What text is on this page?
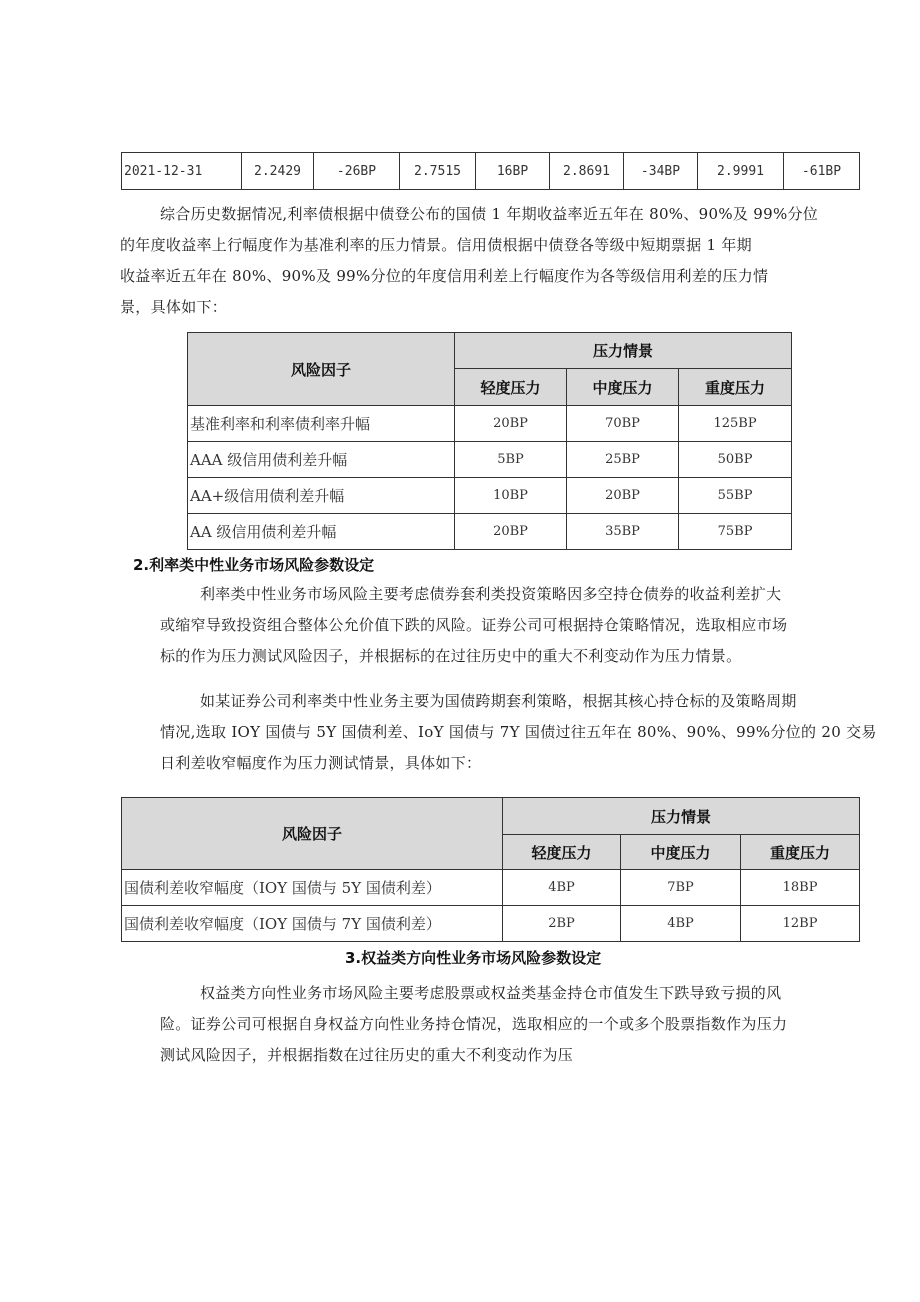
2021-12-31	2.2429	-26BP	2.7515	16BP	2.8691	-34BP	2.9991	-61BP
综合历史数据情况,利率债根据中债登公布的国债 1 年期收益率近五年在 80%、90%及 99%分位
的年度收益率上行幅度作为基准利率的压力情景。信用债根据中债登各等级中短期票据 1 年期
收益率近五年在 80%、90%及 99%分位的年度信用利差上行幅度作为各等级信用利差的压力情
景，具体如下：
风险因子	压力情景		
	轻度压力	中度压力	重度压力
基准利率和利率债利率升幅	20BP	70BP	125BP
AAA 级信用债利差升幅	5BP	25BP	50BP
AA+级信用债利差升幅	10BP	20BP	55BP
AA 级信用债利差升幅	20BP	35BP	75BP
2.利率类中性业务市场风险参数设定
利率类中性业务市场风险主要考虑债券套利类投资策略因多空持仓债券的收益利差扩大
或缩窄导致投资组合整体公允价值下跌的风险。证券公司可根据持仓策略情况，选取相应市场
标的作为压力测试风险因子，并根据标的在过往历史中的重大不利变动作为压力情景。
如某证券公司利率类中性业务主要为国债跨期套利策略，根据其核心持仓标的及策略周期
情况,选取 IOY 国债与 5Y 国债利差、IoY 国债与 7Y 国债过往五年在 80%、90%、99%分位的 20 交易
日利差收窄幅度作为压力测试情景，具体如下：
风险因子	压力情景		
	轻度压力	中度压力	重度压力
国债利差收窄幅度（IOY 国债与 5Y 国债利差）	4BP	7BP	18BP
国债利差收窄幅度（IOY 国债与 7Y 国债利差）	2BP	4BP	12BP
3.权益类方向性业务市场风险参数设定
权益类方向性业务市场风险主要考虑股票或权益类基金持仓市值发生下跌导致亏损的风
险。证券公司可根据自身权益方向性业务持仓情况，选取相应的一个或多个股票指数作为压力
测试风险因子，并根据指数在过往历史的重大不利变动作为压
